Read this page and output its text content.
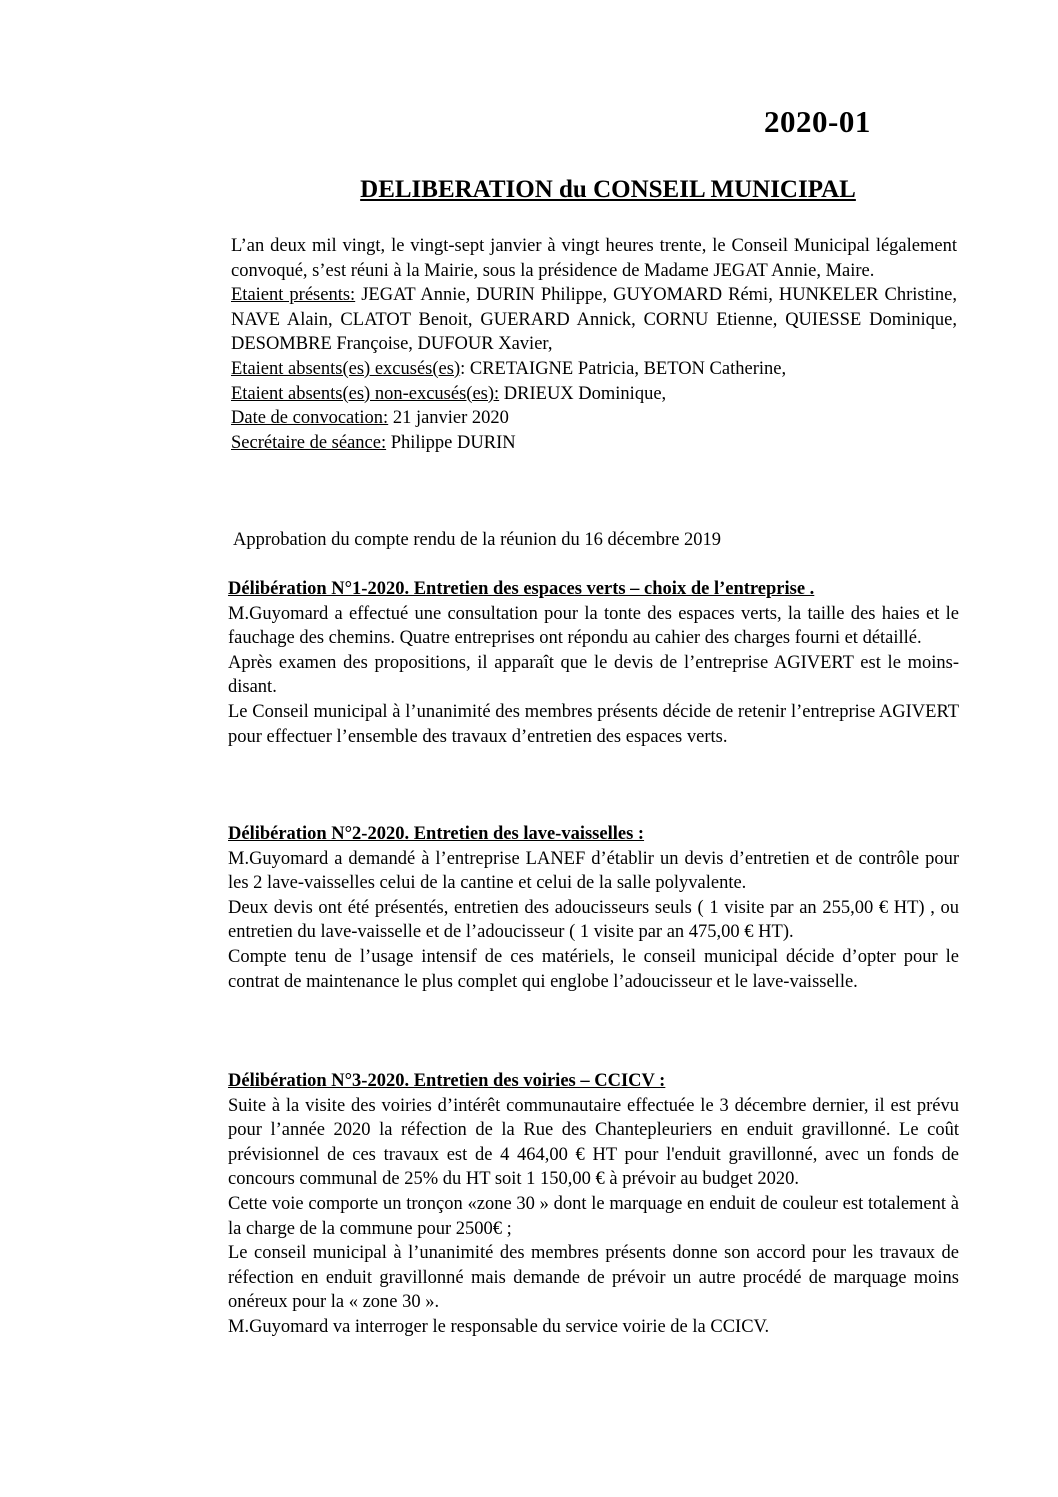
2020-01
DELIBERATION du CONSEIL MUNICIPAL

L’an deux mil vingt, le vingt-sept janvier à vingt heures trente, le Conseil Municipal légalement convoqué, s’est réuni à la Mairie, sous la présidence de Madame JEGAT Annie, Maire.

Etaient présents: JEGAT Annie, DURIN Philippe, GUYOMARD Rémi, HUNKELER Christine, NAVE Alain, CLATOT Benoit, GUERARD Annick, CORNU Etienne, QUIESSE Dominique, DESOMBRE Françoise, DUFOUR Xavier,

Etaient absents(es) excusés(es): CRETAIGNE Patricia, BETON Catherine,

Etaient absents(es) non-excusés(es): DRIEUX Dominique,

Date de convocation: 21 janvier 2020

Secrétaire de séance: Philippe DURIN

Approbation du compte rendu de la réunion du 16 décembre 2019

Délibération N°1-2020. Entretien des espaces verts – choix de l’entreprise .

M.Guyomard a effectué une consultation pour la tonte des espaces verts, la taille des haies et le fauchage des chemins. Quatre entreprises ont répondu au cahier des charges fourni et détaillé.

Après examen des propositions, il apparaît que le devis de l’entreprise AGIVERT est le moins-disant.

Le Conseil municipal à l’unanimité des membres présents décide de retenir l’entreprise AGIVERT pour effectuer l’ensemble des travaux d’entretien des espaces verts.

Délibération N°2-2020. Entretien des lave-vaisselles :

M.Guyomard a demandé à l’entreprise LANEF d’établir un devis d’entretien et de contrôle pour les 2 lave-vaisselles celui de la cantine et celui de la salle polyvalente.

Deux devis ont été présentés, entretien des adoucisseurs seuls ( 1 visite par an 255,00 € HT) , ou entretien du lave-vaisselle et de l’adoucisseur ( 1 visite par an 475,00 € HT).

Compte tenu de l’usage intensif de ces matériels, le conseil municipal décide d’opter pour le contrat de maintenance le plus complet qui englobe l’adoucisseur et le lave-vaisselle.

Délibération N°3-2020. Entretien des voiries – CCICV :

Suite à la visite des voiries d’intérêt communautaire effectuée le 3 décembre dernier, il est prévu pour l’année 2020 la réfection de la Rue des Chantepleuriers en enduit gravillonné. Le coût prévisionnel de ces travaux est de 4 464,00 € HT pour l'enduit gravillonné, avec un fonds de concours communal de 25% du HT soit 1 150,00 € à prévoir au budget 2020.

Cette voie comporte un tronçon «zone 30 » dont le marquage en enduit de couleur est totalement à la charge de la commune pour 2500€ ;

Le conseil municipal à l’unanimité des membres présents donne son accord pour les travaux de réfection en enduit gravillonné mais demande de prévoir un autre procédé de marquage moins onéreux pour la « zone 30 ».

M.Guyomard va interroger le responsable du service voirie de la CCICV.
